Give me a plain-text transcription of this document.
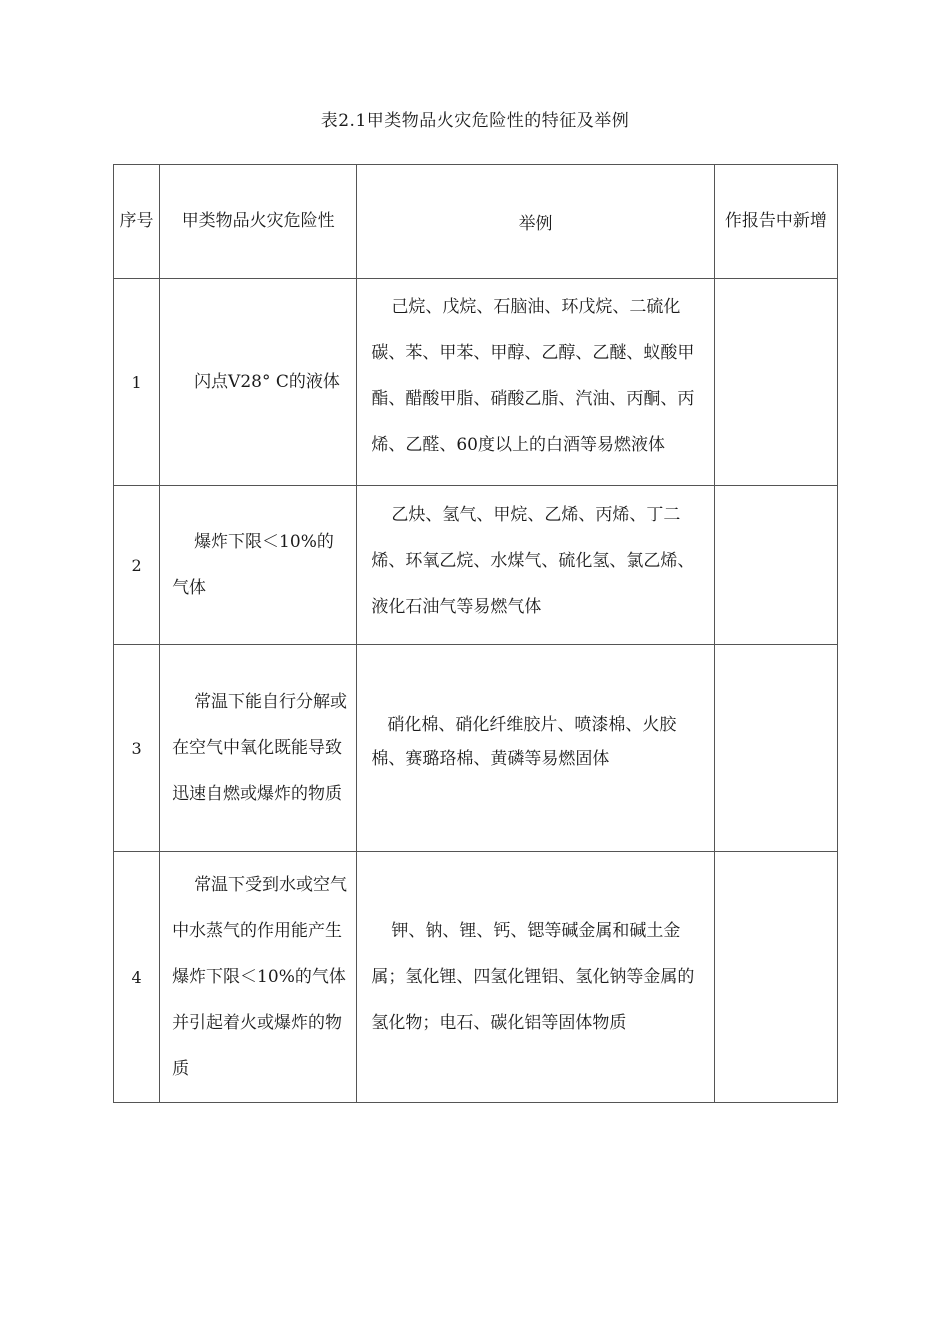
表2.1甲类物品火灾危险性的特征及举例
序号	甲类物品火灾危险性	举例	作报告中新增

1	闪点V28° C的液体	己烷、戊烷、石脑油、环戊烷、二硫化碳、苯、甲苯、甲醇、乙醇、乙醚、蚁酸甲酯、醋酸甲脂、硝酸乙脂、汽油、丙酮、丙烯、乙醛、60度以上的白酒等易燃液体	

2	爆炸下限＜10%的气体	乙炔、氢气、甲烷、乙烯、丙烯、丁二烯、环氧乙烷、水煤气、硫化氢、氯乙烯、液化石油气等易燃气体	

3	常温下能自行分解或在空气中氧化既能导致迅速自燃或爆炸的物质	硝化棉、硝化纤维胶片、喷漆棉、火胶
棉、赛璐珞棉、黄磷等易燃固体	

4	常温下受到水或空气中水蒸气的作用能产生爆炸下限＜10%的气体并引起着火或爆炸的物质	钾、钠、锂、钙、锶等碱金属和碱土金属；氢化锂、四氢化锂铝、氢化钠等金属的氢化物；电石、碳化铝等固体物质	
